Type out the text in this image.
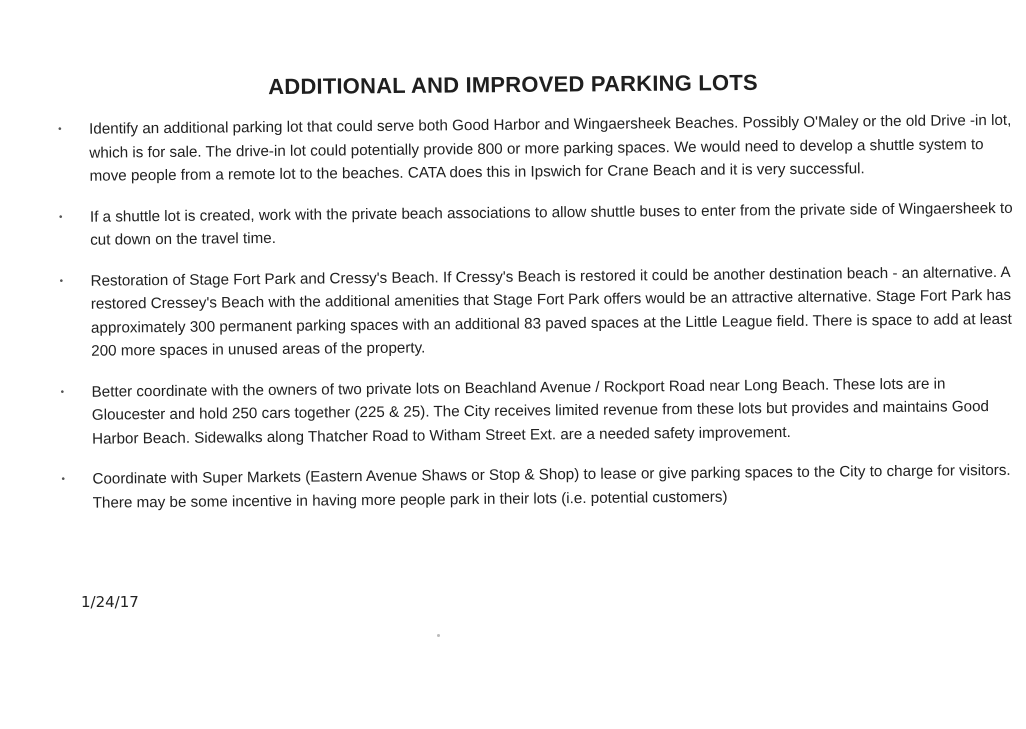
ADDITIONAL AND IMPROVED PARKING LOTS
• Identify an additional parking lot that could serve both Good Harbor and Wingaersheek Beaches. Possibly O'Maley or the old Drive -in lot, which is for sale. The drive-in lot could potentially provide 800 or more parking spaces. We would need to develop a shuttle system to move people from a remote lot to the beaches. CATA does this in Ipswich for Crane Beach and it is very successful.
• If a shuttle lot is created, work with the private beach associations to allow shuttle buses to enter from the private side of Wingaersheek to cut down on the travel time.
• Restoration of Stage Fort Park and Cressy's Beach. If Cressy's Beach is restored it could be another destination beach - an alternative. A restored Cressey's Beach with the additional amenities that Stage Fort Park offers would be an attractive alternative. Stage Fort Park has approximately 300 permanent parking spaces with an additional 83 paved spaces at the Little League field. There is space to add at least 200 more spaces in unused areas of the property.
• Better coordinate with the owners of two private lots on Beachland Avenue / Rockport Road near Long Beach. These lots are in Gloucester and hold 250 cars together (225 & 25). The City receives limited revenue from these lots but provides and maintains Good Harbor Beach. Sidewalks along Thatcher Road to Witham Street Ext. are a needed safety improvement.
• Coordinate with Super Markets (Eastern Avenue Shaws or Stop & Shop) to lease or give parking spaces to the City to charge for visitors. There may be some incentive in having more people park in their lots (i.e. potential customers)
1/24/17
